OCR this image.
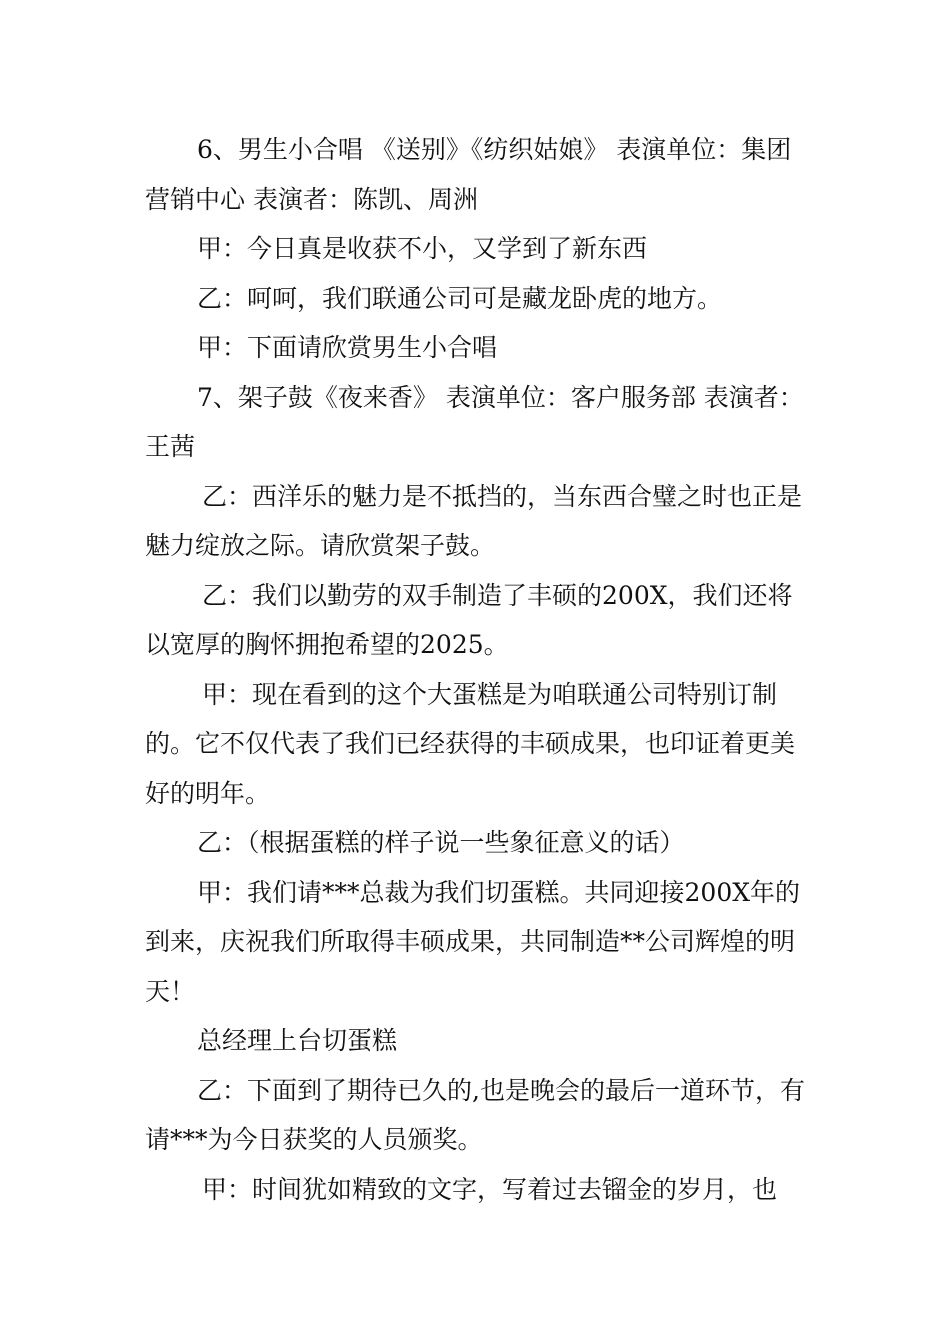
6、男生小合唱 《送别》《纺织姑娘》 表演单位：集团营销中心 表演者：陈凯、周洲

甲：今日真是收获不小，又学到了新东西

乙：呵呵，我们联通公司可是藏龙卧虎的地方。

甲：下面请欣赏男生小合唱

7、架子鼓《夜来香》 表演单位：客户服务部 表演者：王茜

乙：西洋乐的魅力是不抵挡的，当东西合璧之时也正是魅力绽放之际。请欣赏架子鼓。

乙：我们以勤劳的双手制造了丰硕的200X，我们还将以宽厚的胸怀拥抱希望的2025。

甲：现在看到的这个大蛋糕是为咱联通公司特别订制的。它不仅代表了我们已经获得的丰硕成果，也印证着更美好的明年。

乙：（根据蛋糕的样子说一些象征意义的话）

甲：我们请***总裁为我们切蛋糕。共同迎接200X年的到来，庆祝我们所取得丰硕成果，共同制造**公司辉煌的明天！

总经理上台切蛋糕

乙：下面到了期待已久的,也是晚会的最后一道环节，有请***为今日获奖的人员颁奖。

甲：时间犹如精致的文字，写着过去镏金的岁月，也
